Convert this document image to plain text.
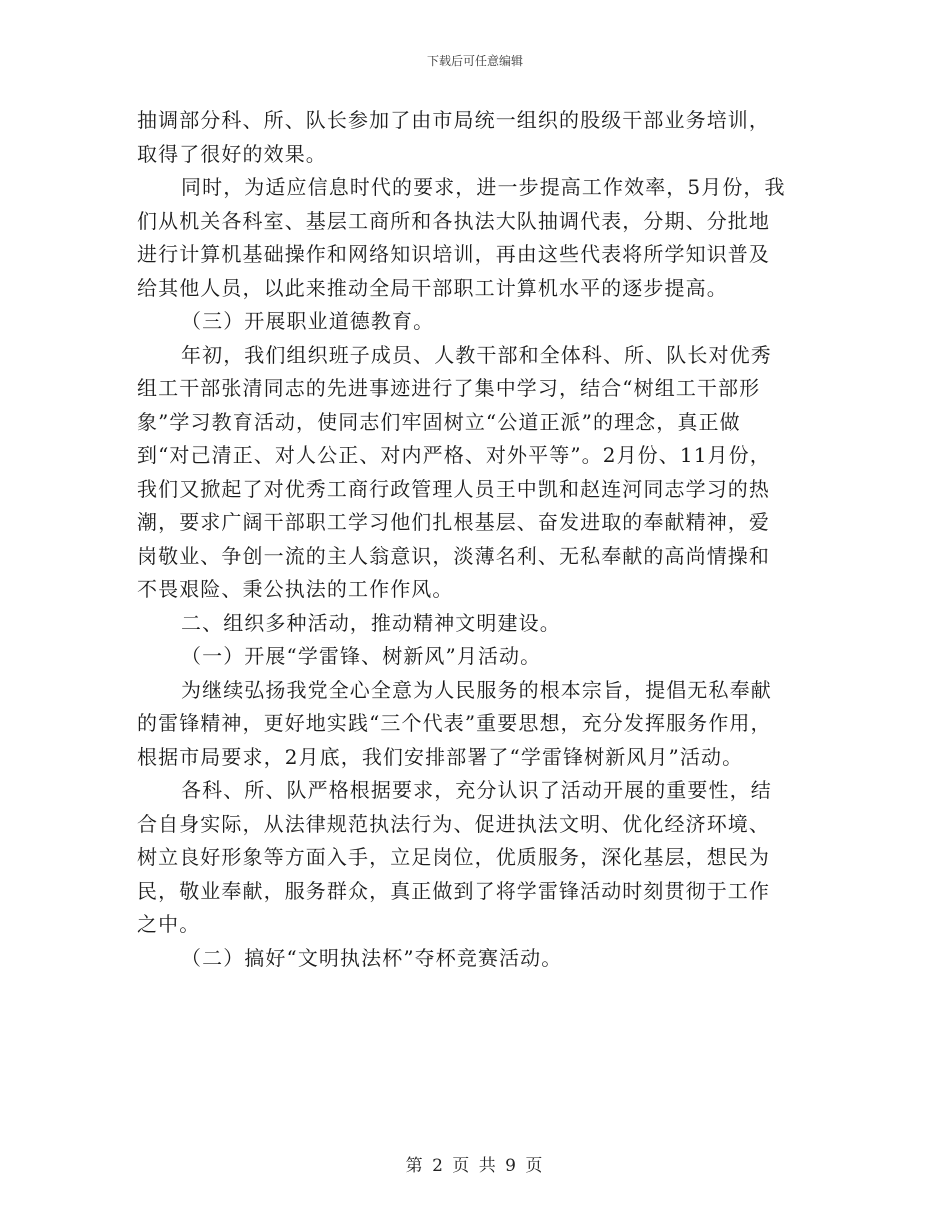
下载后可任意编辑
抽调部分科、所、队长参加了由市局统一组织的股级干部业务培训，
取得了很好的效果。
同时，为适应信息时代的要求，进一步提高工作效率，5月份，我
们从机关各科室、基层工商所和各执法大队抽调代表，分期、分批地
进行计算机基础操作和网络知识培训，再由这些代表将所学知识普及
给其他人员，以此来推动全局干部职工计算机水平的逐步提高。
（三）开展职业道德教育。
年初，我们组织班子成员、人教干部和全体科、所、队长对优秀
组工干部张清同志的先进事迹进行了集中学习，结合“树组工干部形
象”学习教育活动，使同志们牢固树立“公道正派”的理念，真正做
到“对己清正、对人公正、对内严格、对外平等”。2月份、11月份，
我们又掀起了对优秀工商行政管理人员王中凯和赵连河同志学习的热
潮，要求广阔干部职工学习他们扎根基层、奋发进取的奉献精神，爱
岗敬业、争创一流的主人翁意识，淡薄名利、无私奉献的高尚情操和
不畏艰险、秉公执法的工作作风。
二、组织多种活动，推动精神文明建设。
（一）开展“学雷锋、树新风”月活动。
为继续弘扬我党全心全意为人民服务的根本宗旨，提倡无私奉献
的雷锋精神，更好地实践“三个代表”重要思想，充分发挥服务作用，
根据市局要求，2月底，我们安排部署了“学雷锋树新风月”活动。
各科、所、队严格根据要求，充分认识了活动开展的重要性，结
合自身实际，从法律规范执法行为、促进执法文明、优化经济环境、
树立良好形象等方面入手，立足岗位，优质服务，深化基层，想民为
民，敬业奉献，服务群众，真正做到了将学雷锋活动时刻贯彻于工作
之中。
（二）搞好“文明执法杯”夺杯竞赛活动。
第 2 页 共 9 页
